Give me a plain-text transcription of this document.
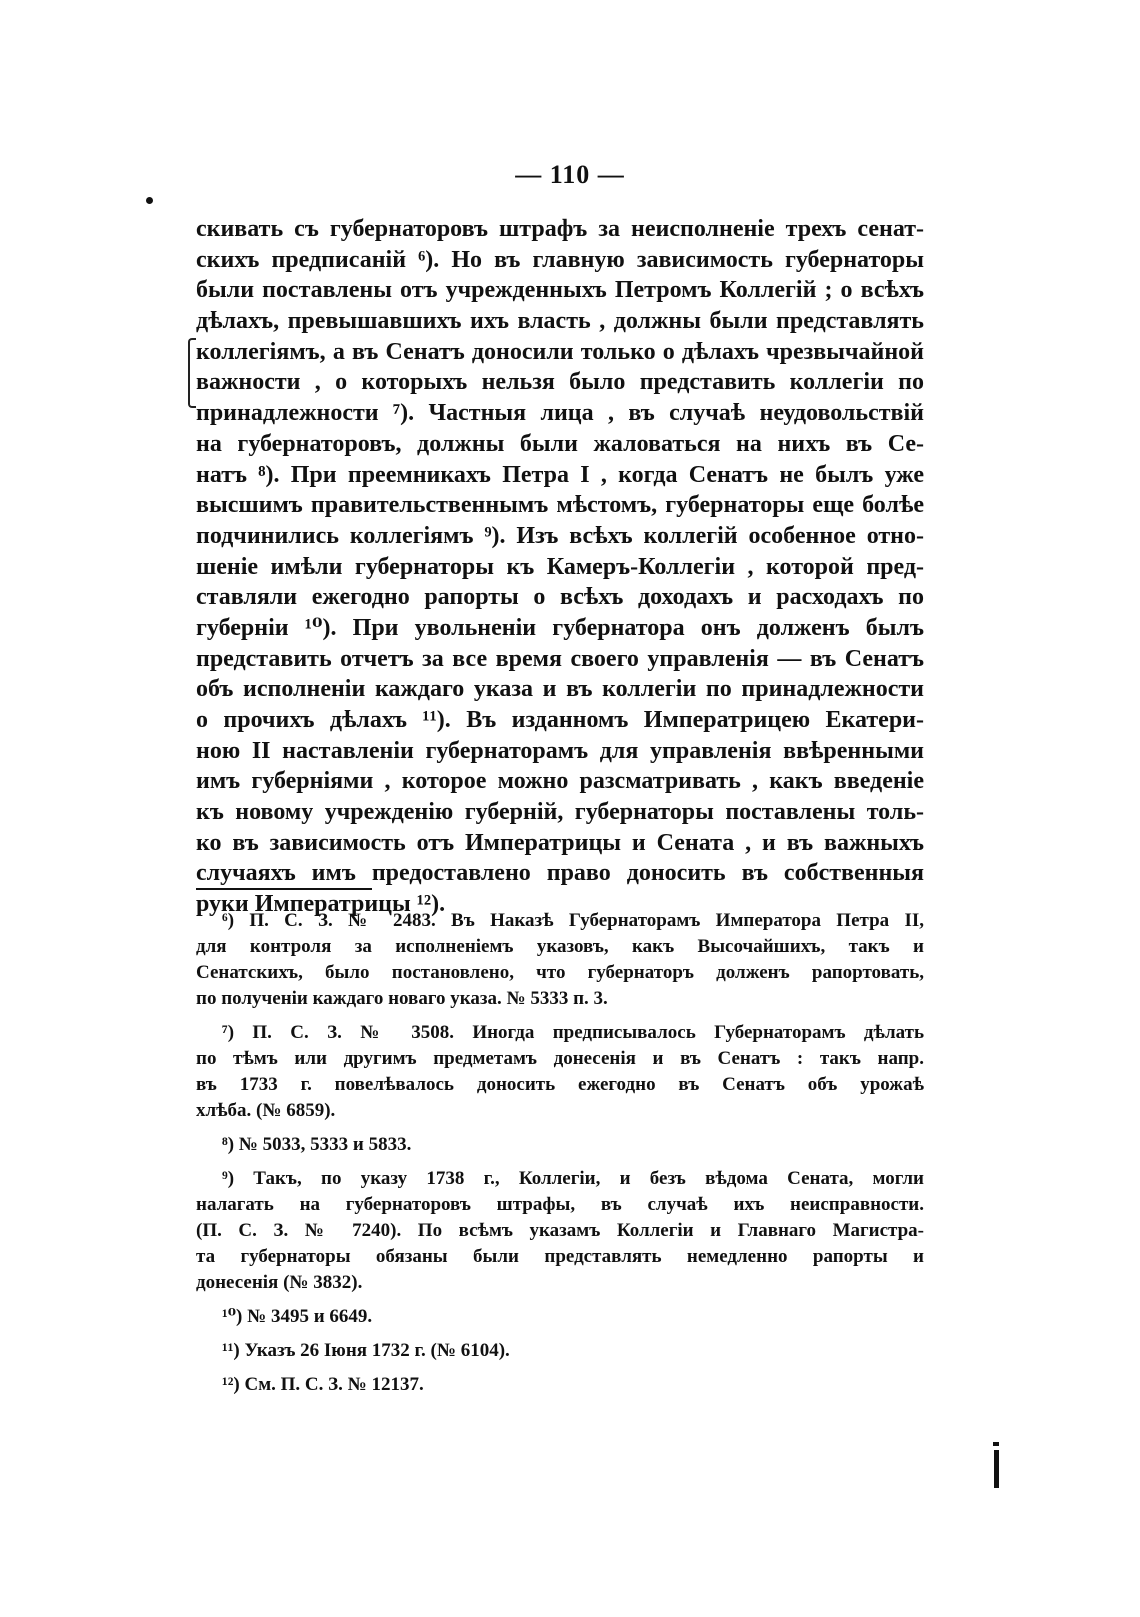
— 110 —
скивать съ губернаторовъ штрафъ за неисполненіе трехъ сенат-
скихъ предписаній ⁶). Но въ главную зависимость губернаторы
были поставлены отъ учрежденныхъ Петромъ Коллегій ; о всѣхъ
дѣлахъ, превышавшихъ ихъ власть , должны были представлять
коллегіямъ, а въ Сенатъ доносили только о дѣлахъ чрезвычайной
важности , о которыхъ нельзя было представить коллегіи по
принадлежности ⁷). Частныя лица , въ случаѣ неудовольствій
на губернаторовъ, должны были жаловаться на нихъ въ Се-
натъ ⁸). При преемникахъ Петра I , когда Сенатъ не былъ уже
высшимъ правительственнымъ мѣстомъ, губернаторы еще болѣе
подчинились коллегіямъ ⁹). Изъ всѣхъ коллегій особенное отно-
шеніе имѣли губернаторы къ Камеръ-Коллегіи , которой пред-
ставляли ежегодно рапорты о всѣхъ доходахъ и расходахъ по
губерніи ¹⁰). При увольненіи губернатора онъ долженъ былъ
представить отчетъ за все время своего управленія — въ Сенатъ
объ исполненіи каждаго указа и въ коллегіи по принадлежности
о прочихъ дѣлахъ ¹¹). Въ изданномъ Императрицею Екатери-
ною II наставленіи губернаторамъ для управленія ввѣренными
имъ губерніями , которое можно разсматривать , какъ введеніе
къ новому учрежденію губерній, губернаторы поставлены толь-
ко въ зависимость отъ Императрицы и Сената , и въ важныхъ
случаяхъ имъ предоставлено право доносить въ собственныя
руки Императрицы ¹²).
⁶) П. С. З. № 2483. Въ Наказѣ Губернаторамъ Императора Петра II,
для контроля за исполненіемъ указовъ, какъ Высочайшихъ, такъ и
Сенатскихъ, было постановлено, что губернаторъ долженъ рапортовать,
по полученіи каждаго новаго указа. № 5333 п. 3.
⁷) П. С. З. № 3508. Иногда предписывалось Губернаторамъ дѣлать
по тѣмъ или другимъ предметамъ донесенія и въ Сенатъ : такъ напр.
въ 1733 г. повелѣвалось доносить ежегодно въ Сенатъ объ урожаѣ
хлѣба. (№ 6859).
⁸) № 5033, 5333 и 5833.
⁹) Такъ, по указу 1738 г., Коллегіи, и безъ вѣдома Сената, могли
налагать на губернаторовъ штрафы, въ случаѣ ихъ неисправности.
(П. С. З. № 7240). По всѣмъ указамъ Коллегіи и Главнаго Магистра-
та губернаторы обязаны были представлять немедленно рапорты и
донесенія (№ 3832).
¹⁰) № 3495 и 6649.
¹¹) Указъ 26 Іюня 1732 г. (№ 6104).
¹²) См. П. С. З. № 12137.
